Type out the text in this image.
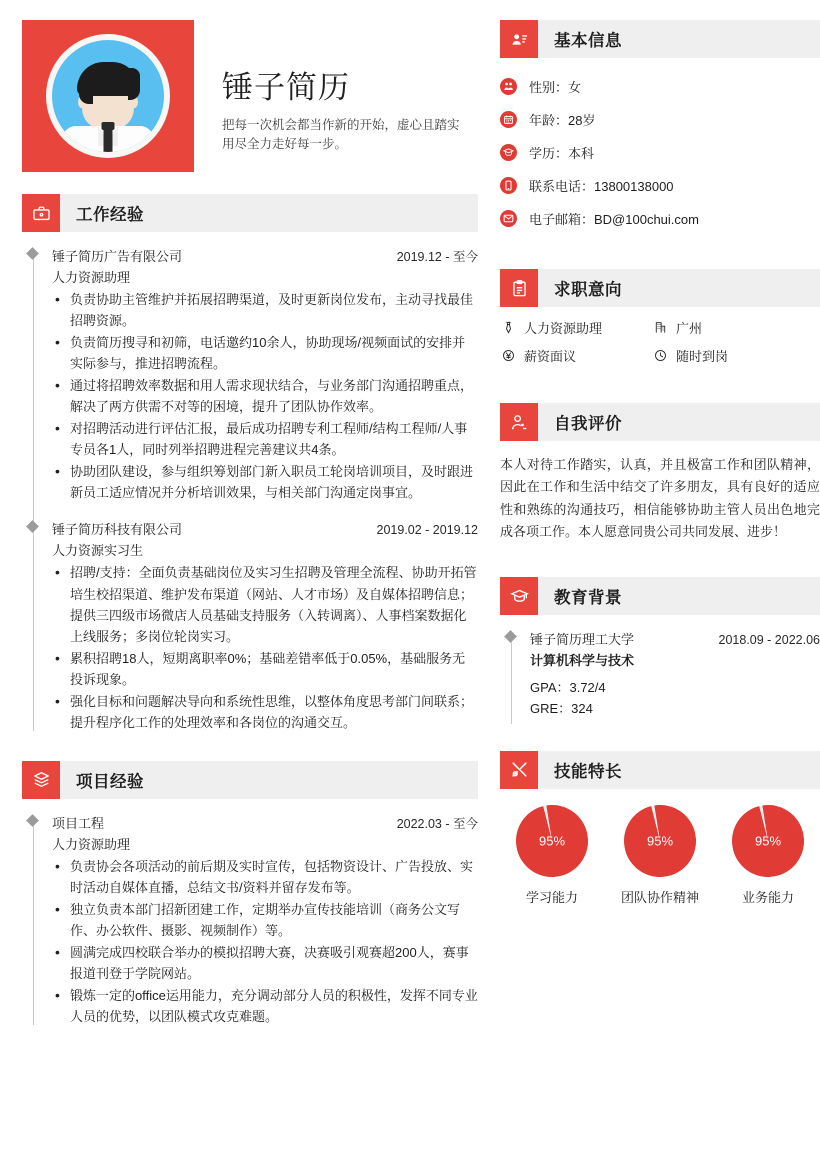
锤子简历
把每一次机会都当作新的开始，虚心且踏实用尽全力走好每一步。
工作经验
锤子简历广告有限公司	2019.12 - 至今
人力资源助理
• 负责协助主管维护并拓展招聘渠道，及时更新岗位发布，主动寻找最佳招聘资源。
• 负责简历搜寻和初筛，电话邀约10余人，协助现场/视频面试的安排并实际参与，推进招聘流程。
• 通过将招聘效率数据和用人需求现状结合，与业务部门沟通招聘重点，解决了两方供需不对等的困境，提升了团队协作效率。
• 对招聘活动进行评估汇报，最后成功招聘专利工程师/结构工程师/人事专员各1人，同时列举招聘进程完善建议共4条。
• 协助团队建设，参与组织筹划部门新入职员工轮岗培训项目，及时跟进新员工适应情况并分析培训效果，与相关部门沟通定岗事宜。
锤子简历科技有限公司	2019.02 - 2019.12
人力资源实习生
• 招聘/支持：全面负责基础岗位及实习生招聘及管理全流程、协助开拓管培生校招渠道、维护发布渠道（网站、人才市场）及自媒体招聘信息；提供三四级市场微店人员基础支持服务（入转调离）、人事档案数据化上线服务；多岗位轮岗实习。
• 累积招聘18人，短期离职率0%；基础差错率低于0.05%，基础服务无投诉现象。
• 强化目标和问题解决导向和系统性思维，以整体角度思考部门间联系；提升程序化工作的处理效率和各岗位的沟通交互。
项目经验
项目工程	2022.03 - 至今
人力资源助理
• 负责协会各项活动的前后期及实时宣传，包括物资设计、广告投放、实时活动自媒体直播，总结文书/资料并留存发布等。
• 独立负责本部门招新团建工作，定期举办宣传技能培训（商务公文写作、办公软件、摄影、视频制作）等。
• 圆满完成四校联合举办的模拟招聘大赛，决赛吸引观赛超200人，赛事报道刊登于学院网站。
• 锻炼一定的office运用能力，充分调动部分人员的积极性，发挥不同专业人员的优势，以团队模式攻克难题。
基本信息
性别：女
年龄：28岁
学历：本科
联系电话：13800138000
电子邮箱：BD@100chui.com
求职意向
人力资源助理	广州
薪资面议	随时到岗
自我评价
本人对待工作踏实，认真，并且极富工作和团队精神，因此在工作和生活中结交了许多朋友，具有良好的适应性和熟练的沟通技巧，相信能够协助主管人员出色地完成各项工作。本人愿意同贵公司共同发展、进步！
教育背景
锤子简历理工大学	2018.09 - 2022.06
计算机科学与技术
GPA：3.72/4
GRE：324
技能特长
95%
学习能力
95%
团队协作精神
95%
业务能力
